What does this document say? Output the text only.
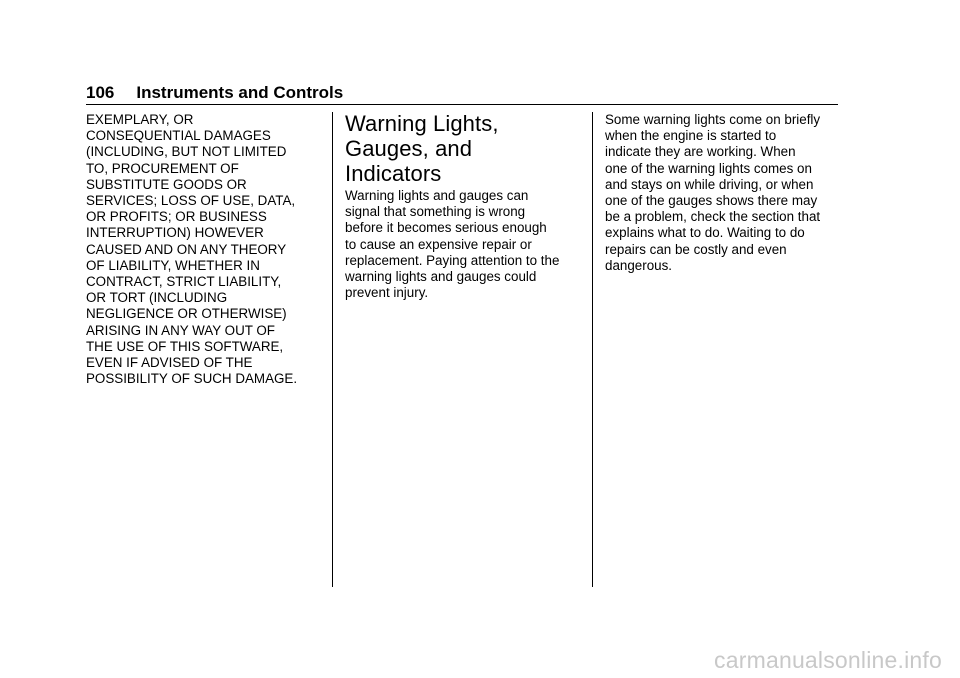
106 Instruments and Controls
EXEMPLARY, OR
CONSEQUENTIAL DAMAGES
(INCLUDING, BUT NOT LIMITED
TO, PROCUREMENT OF
SUBSTITUTE GOODS OR
SERVICES; LOSS OF USE, DATA,
OR PROFITS; OR BUSINESS
INTERRUPTION) HOWEVER
CAUSED AND ON ANY THEORY
OF LIABILITY, WHETHER IN
CONTRACT, STRICT LIABILITY,
OR TORT (INCLUDING
NEGLIGENCE OR OTHERWISE)
ARISING IN ANY WAY OUT OF
THE USE OF THIS SOFTWARE,
EVEN IF ADVISED OF THE
POSSIBILITY OF SUCH DAMAGE.
Warning Lights,
Gauges, and
Indicators
Warning lights and gauges can
signal that something is wrong
before it becomes serious enough
to cause an expensive repair or
replacement. Paying attention to the
warning lights and gauges could
prevent injury.
Some warning lights come on briefly
when the engine is started to
indicate they are working. When
one of the warning lights comes on
and stays on while driving, or when
one of the gauges shows there may
be a problem, check the section that
explains what to do. Waiting to do
repairs can be costly and even
dangerous.
carmanualsonline.info
